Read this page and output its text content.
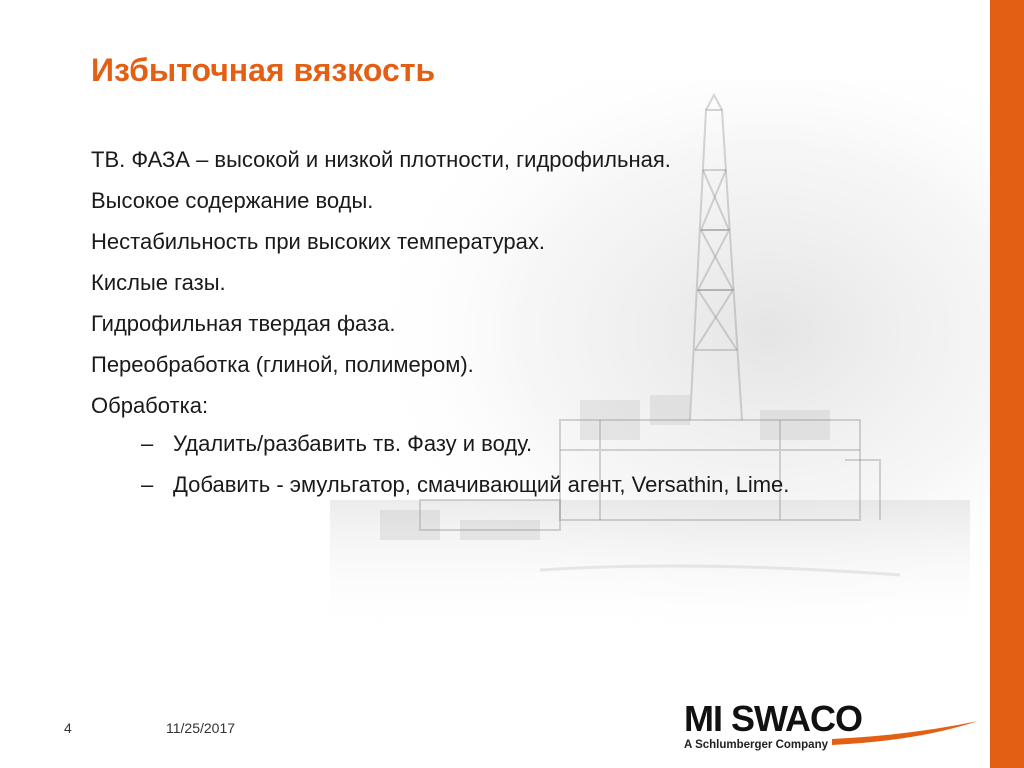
Избыточная вязкость
ТВ. ФАЗА – высокой и низкой плотности, гидрофильная.
Высокое содержание воды.
Нестабильность при высоких температурах.
Кислые газы.
Гидрофильная твердая фаза.
Переобработка (глиной, полимером).
Обработка:
– Удалить/разбавить тв. Фазу и воду.
– Добавить - эмульгатор, смачивающий агент, Versathin, Lime.
4	11/25/2017	MI SWACO
A Schlumberger Company
